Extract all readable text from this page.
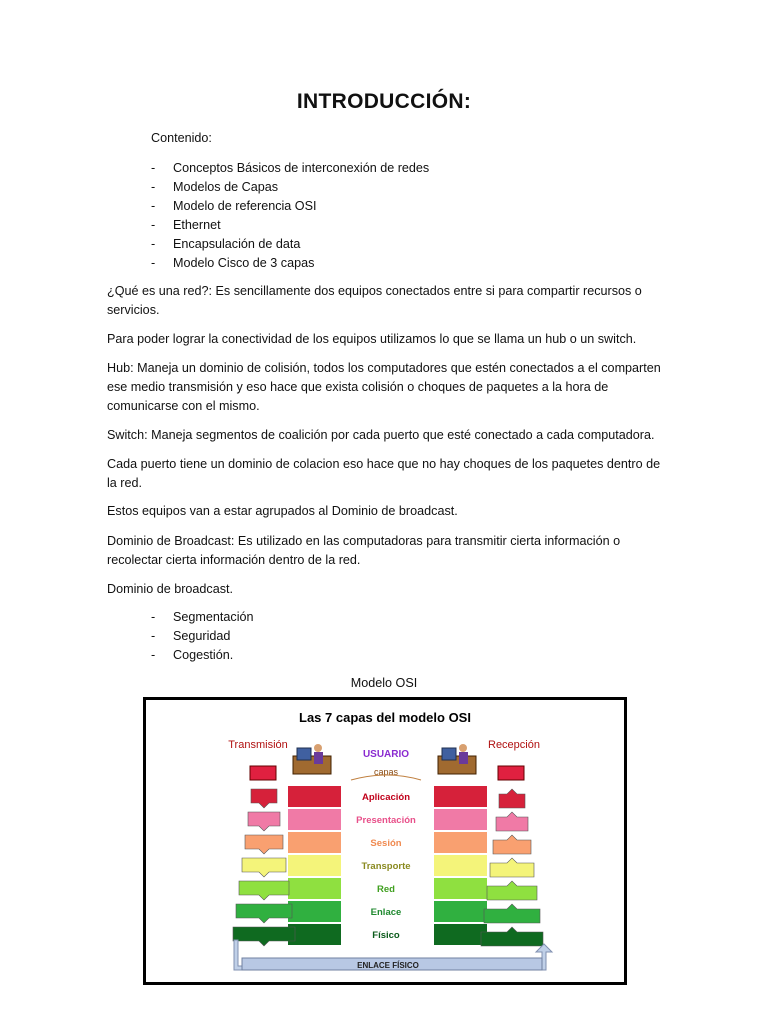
INTRODUCCIÓN:
Contenido:
- Conceptos Básicos de interconexión de redes
- Modelos de Capas
- Modelo de referencia OSI
- Ethernet
- Encapsulación de data
- Modelo Cisco de 3 capas
¿Qué es una red?: Es sencillamente dos equipos conectados entre si para compartir recursos o servicios.
Para poder lograr la conectividad de los equipos utilizamos lo que se llama un hub o un switch.
Hub: Maneja un dominio de colisión, todos los computadores que estén conectados a el comparten ese medio transmisión y eso hace que exista colisión o choques de paquetes a la hora de comunicarse con el mismo.
Switch: Maneja segmentos de coalición por cada puerto que esté conectado a cada computadora.
Cada puerto tiene un dominio de colacion eso hace que no hay choques de los paquetes dentro de la red.
Estos equipos van a estar agrupados al Dominio de broadcast.
Dominio de Broadcast: Es utilizado en las computadoras para transmitir cierta información o recolectar cierta información dentro de la red.
Dominio de broadcast.
- Segmentación
- Seguridad
- Cogestión.
Modelo OSI
Las 7 capas del modelo OSI
Transmisión	Recepción
USUARIO
capas
Aplicación
Presentación
Sesión
Transporte
Red
Enlace
Físico
ENLACE FÍSICO
